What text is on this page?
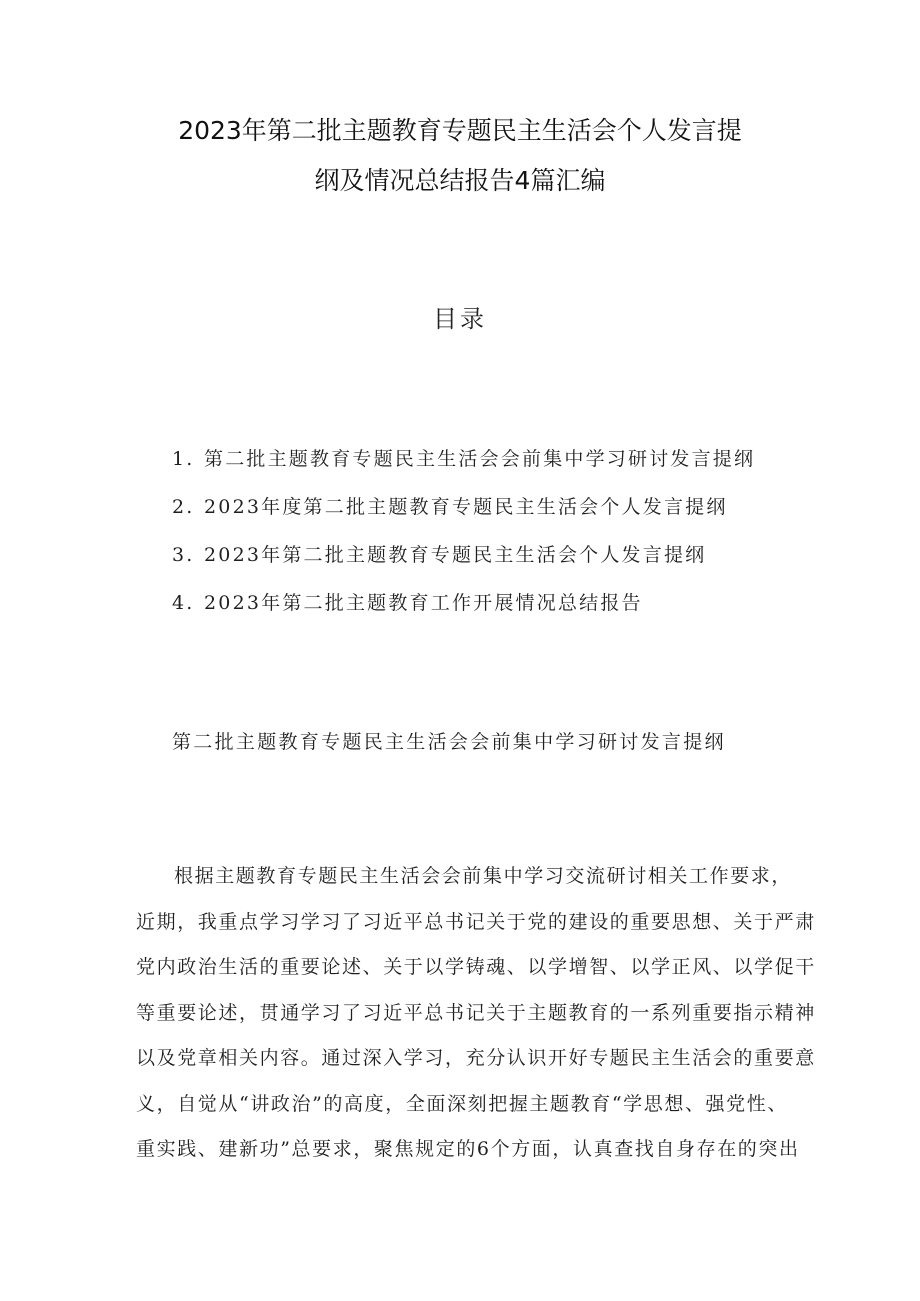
2023年第二批主题教育专题民主生活会个人发言提
纲及情况总结报告4篇汇编
目录
1. 第二批主题教育专题民主生活会会前集中学习研讨发言提纲
2. 2023年度第二批主题教育专题民主生活会个人发言提纲
3. 2023年第二批主题教育专题民主生活会个人发言提纲
4. 2023年第二批主题教育工作开展情况总结报告
第二批主题教育专题民主生活会会前集中学习研讨发言提纲
根据主题教育专题民主生活会会前集中学习交流研讨相关工作要求，
近期，我重点学习学习了习近平总书记关于党的建设的重要思想、关于严肃
党内政治生活的重要论述、关于以学铸魂、以学增智、以学正风、以学促干
等重要论述，贯通学习了习近平总书记关于主题教育的一系列重要指示精神
以及党章相关内容。通过深入学习，充分认识开好专题民主生活会的重要意
义，自觉从“讲政治”的高度，全面深刻把握主题教育“学思想、强党性、
重实践、建新功”总要求，聚焦规定的6个方面，认真查找自身存在的突出
